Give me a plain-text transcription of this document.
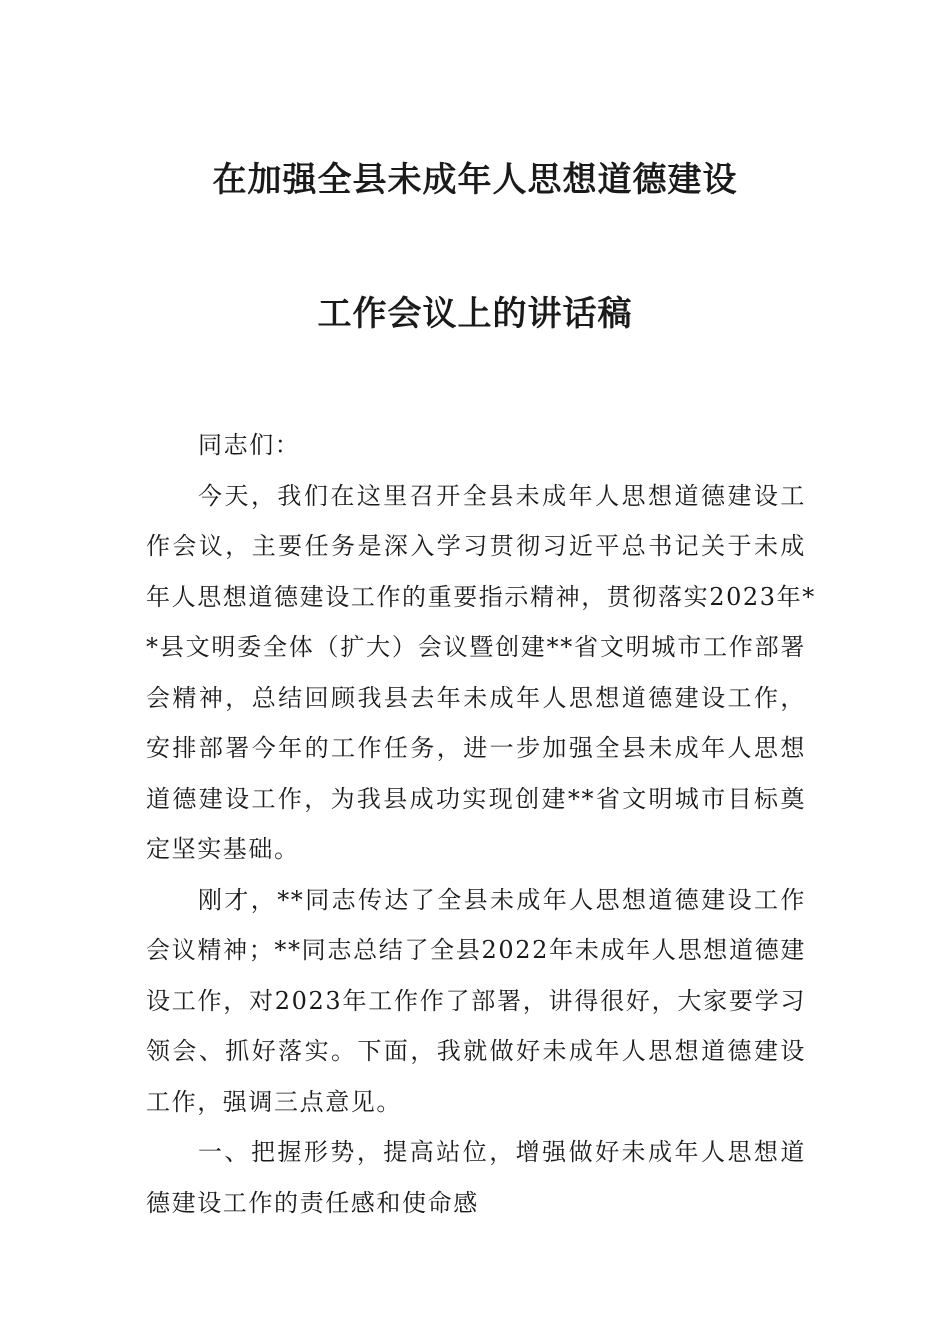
在加强全县未成年人思想道德建设
工作会议上的讲话稿
同志们：
今天，我们在这里召开全县未成年人思想道德建设工
作会议，主要任务是深入学习贯彻习近平总书记关于未成
年人思想道德建设工作的重要指示精神，贯彻落实2023年*
*县文明委全体（扩大）会议暨创建**省文明城市工作部署
会精神，总结回顾我县去年未成年人思想道德建设工作，
安排部署今年的工作任务，进一步加强全县未成年人思想
道德建设工作，为我县成功实现创建**省文明城市目标奠
定坚实基础。
刚才，**同志传达了全县未成年人思想道德建设工作
会议精神；**同志总结了全县2022年未成年人思想道德建
设工作，对2023年工作作了部署，讲得很好，大家要学习
领会、抓好落实。下面，我就做好未成年人思想道德建设
工作，强调三点意见。
一、把握形势，提高站位，增强做好未成年人思想道
德建设工作的责任感和使命感
